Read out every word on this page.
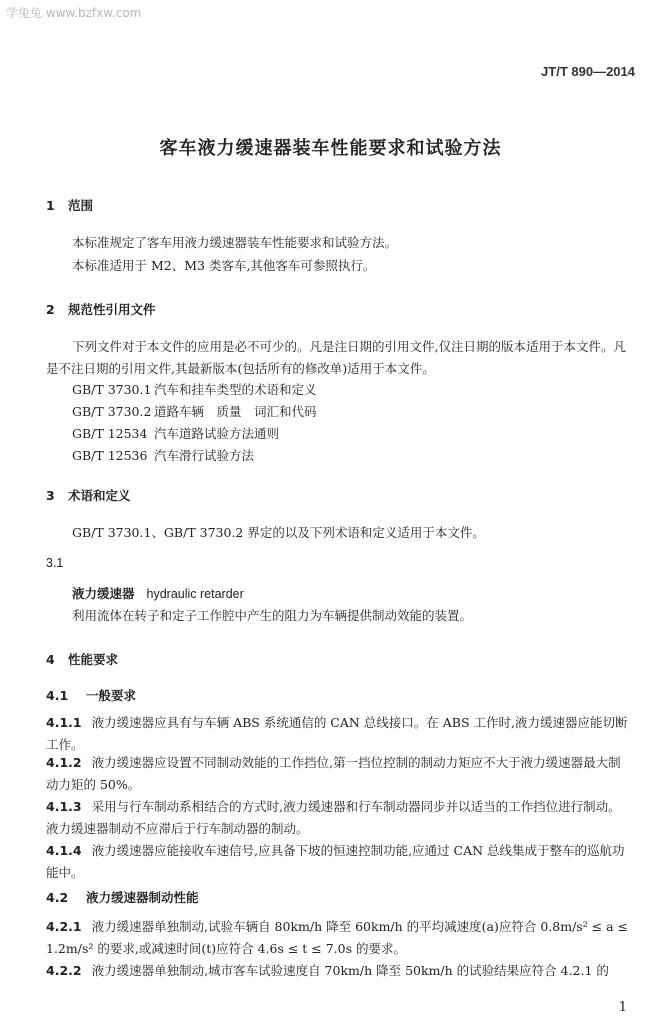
学兔兔 www.bzfxw.com
JT/T 890—2014
客车液力缓速器装车性能要求和试验方法
1 范围
本标准规定了客车用液力缓速器装车性能要求和试验方法。
本标准适用于 M2、M3 类客车,其他客车可参照执行。
2 规范性引用文件
下列文件对于本文件的应用是必不可少的。凡是注日期的引用文件,仅注日期的版本适用于本文件。凡是不注日期的引用文件,其最新版本(包括所有的修改单)适用于本文件。
GB/T 3730.1 汽车和挂车类型的术语和定义
GB/T 3730.2 道路车辆　质量　词汇和代码
GB/T 12534 汽车道路试验方法通则
GB/T 12536 汽车滑行试验方法
3 术语和定义
GB/T 3730.1、GB/T 3730.2 界定的以及下列术语和定义适用于本文件。
3.1
液力缓速器 hydraulic retarder
利用流体在转子和定子工作腔中产生的阻力为车辆提供制动效能的装置。
4 性能要求
4.1 一般要求
4.1.1 液力缓速器应具有与车辆 ABS 系统通信的 CAN 总线接口。在 ABS 工作时,液力缓速器应能切断工作。
4.1.2 液力缓速器应设置不同制动效能的工作挡位,第一挡位控制的制动力矩应不大于液力缓速器最大制动力矩的 50%。
4.1.3 采用与行车制动系相结合的方式时,液力缓速器和行车制动器同步并以适当的工作挡位进行制动。液力缓速器制动不应滞后于行车制动器的制动。
4.1.4 液力缓速器应能接收车速信号,应具备下坡的恒速控制功能,应通过 CAN 总线集成于整车的巡航功能中。
4.2 液力缓速器制动性能
4.2.1 液力缓速器单独制动,试验车辆自 80km/h 降至 60km/h 的平均减速度(a)应符合 0.8m/s² ≤ a ≤ 1.2m/s² 的要求,或减速时间(t)应符合 4.6s ≤ t ≤ 7.0s 的要求。
4.2.2 液力缓速器单独制动,城市客车试验速度自 70km/h 降至 50km/h 的试验结果应符合 4.2.1 的
1
